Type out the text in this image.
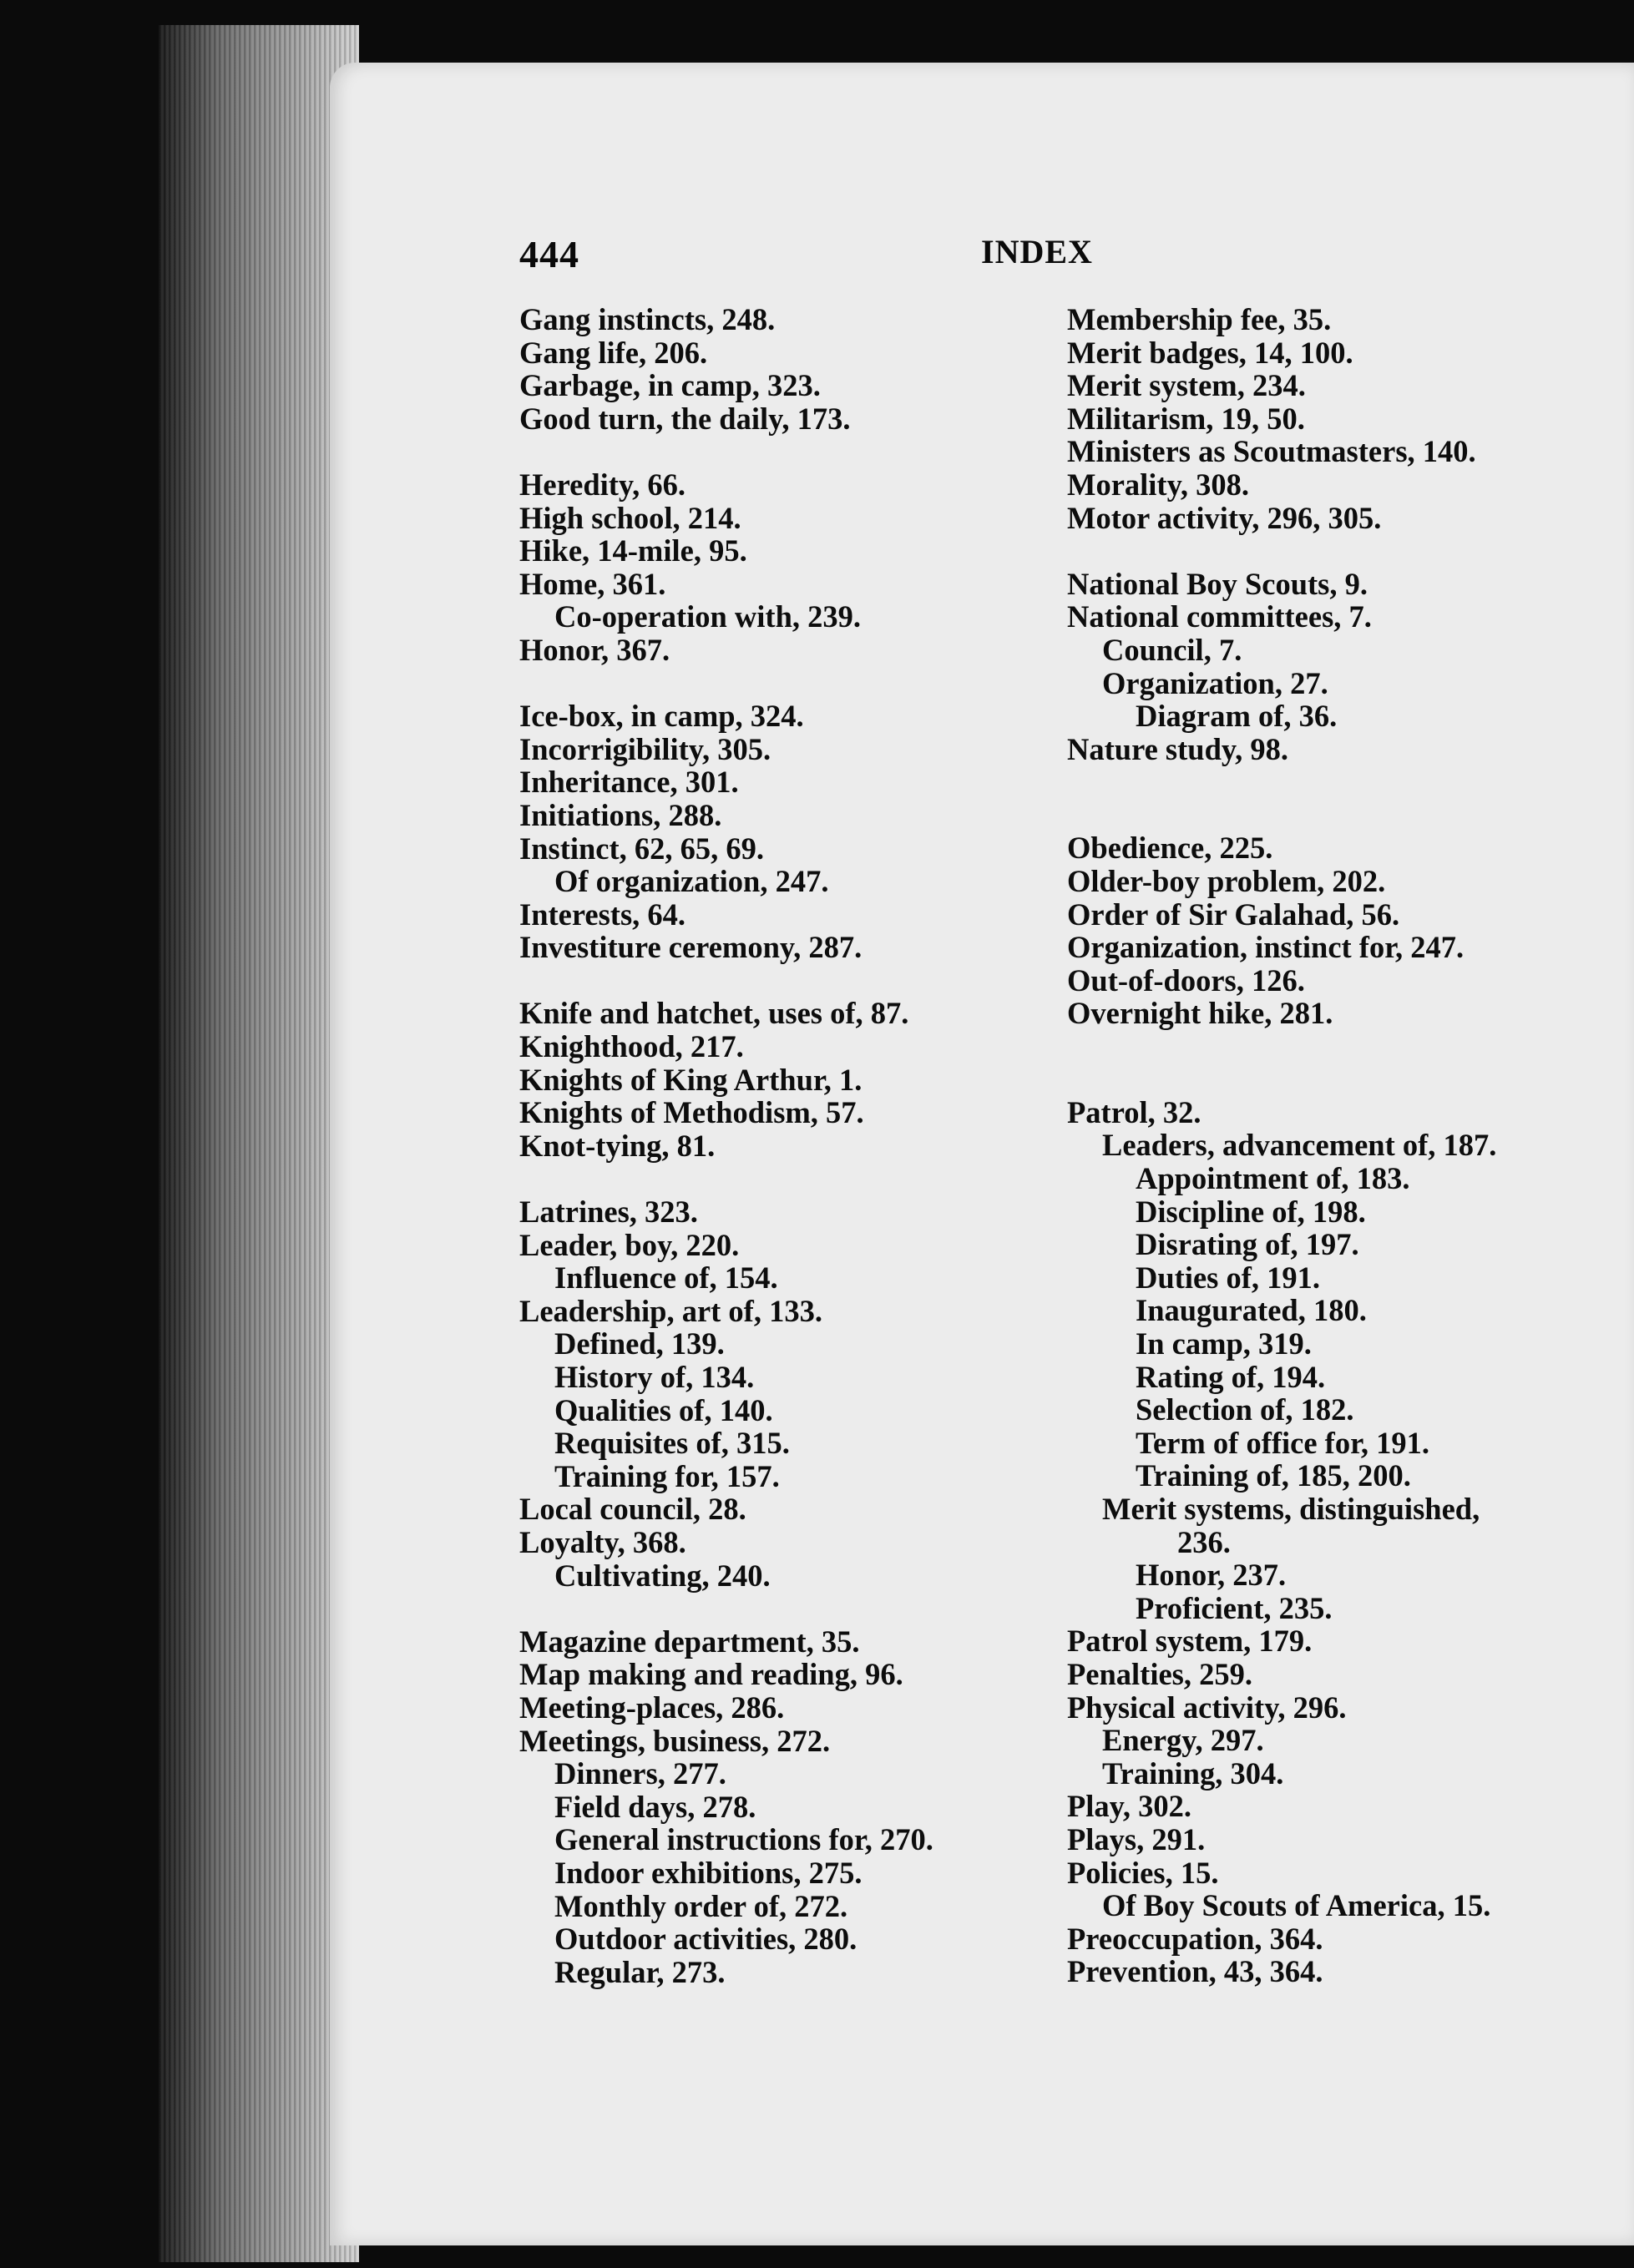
444	INDEX
Gang instincts, 248.
Gang life, 206.
Garbage, in camp, 323.
Good turn, the daily, 173.
Heredity, 66.
High school, 214.
Hike, 14-mile, 95.
Home, 361.
Co-operation with, 239.
Honor, 367.
Ice-box, in camp, 324.
Incorrigibility, 305.
Inheritance, 301.
Initiations, 288.
Instinct, 62, 65, 69.
Of organization, 247.
Interests, 64.
Investiture ceremony, 287.
Knife and hatchet, uses of, 87.
Knighthood, 217.
Knights of King Arthur, 1.
Knights of Methodism, 57.
Knot-tying, 81.
Latrines, 323.
Leader, boy, 220.
Influence of, 154.
Leadership, art of, 133.
Defined, 139.
History of, 134.
Qualities of, 140.
Requisites of, 315.
Training for, 157.
Local council, 28.
Loyalty, 368.
Cultivating, 240.
Magazine department, 35.
Map making and reading, 96.
Meeting-places, 286.
Meetings, business, 272.
Dinners, 277.
Field days, 278.
General instructions for, 270.
Indoor exhibitions, 275.
Monthly order of, 272.
Outdoor activities, 280.
Regular, 273.
Membership fee, 35.
Merit badges, 14, 100.
Merit system, 234.
Militarism, 19, 50.
Ministers as Scoutmasters, 140.
Morality, 308.
Motor activity, 296, 305.
National Boy Scouts, 9.
National committees, 7.
Council, 7.
Organization, 27.
Diagram of, 36.
Nature study, 98.
Obedience, 225.
Older-boy problem, 202.
Order of Sir Galahad, 56.
Organization, instinct for, 247.
Out-of-doors, 126.
Overnight hike, 281.
Patrol, 32.
Leaders, advancement of, 187.
Appointment of, 183.
Discipline of, 198.
Disrating of, 197.
Duties of, 191.
Inaugurated, 180.
In camp, 319.
Rating of, 194.
Selection of, 182.
Term of office for, 191.
Training of, 185, 200.
Merit systems, distinguished,
236.
Honor, 237.
Proficient, 235.
Patrol system, 179.
Penalties, 259.
Physical activity, 296.
Energy, 297.
Training, 304.
Play, 302.
Plays, 291.
Policies, 15.
Of Boy Scouts of America, 15.
Preoccupation, 364.
Prevention, 43, 364.
